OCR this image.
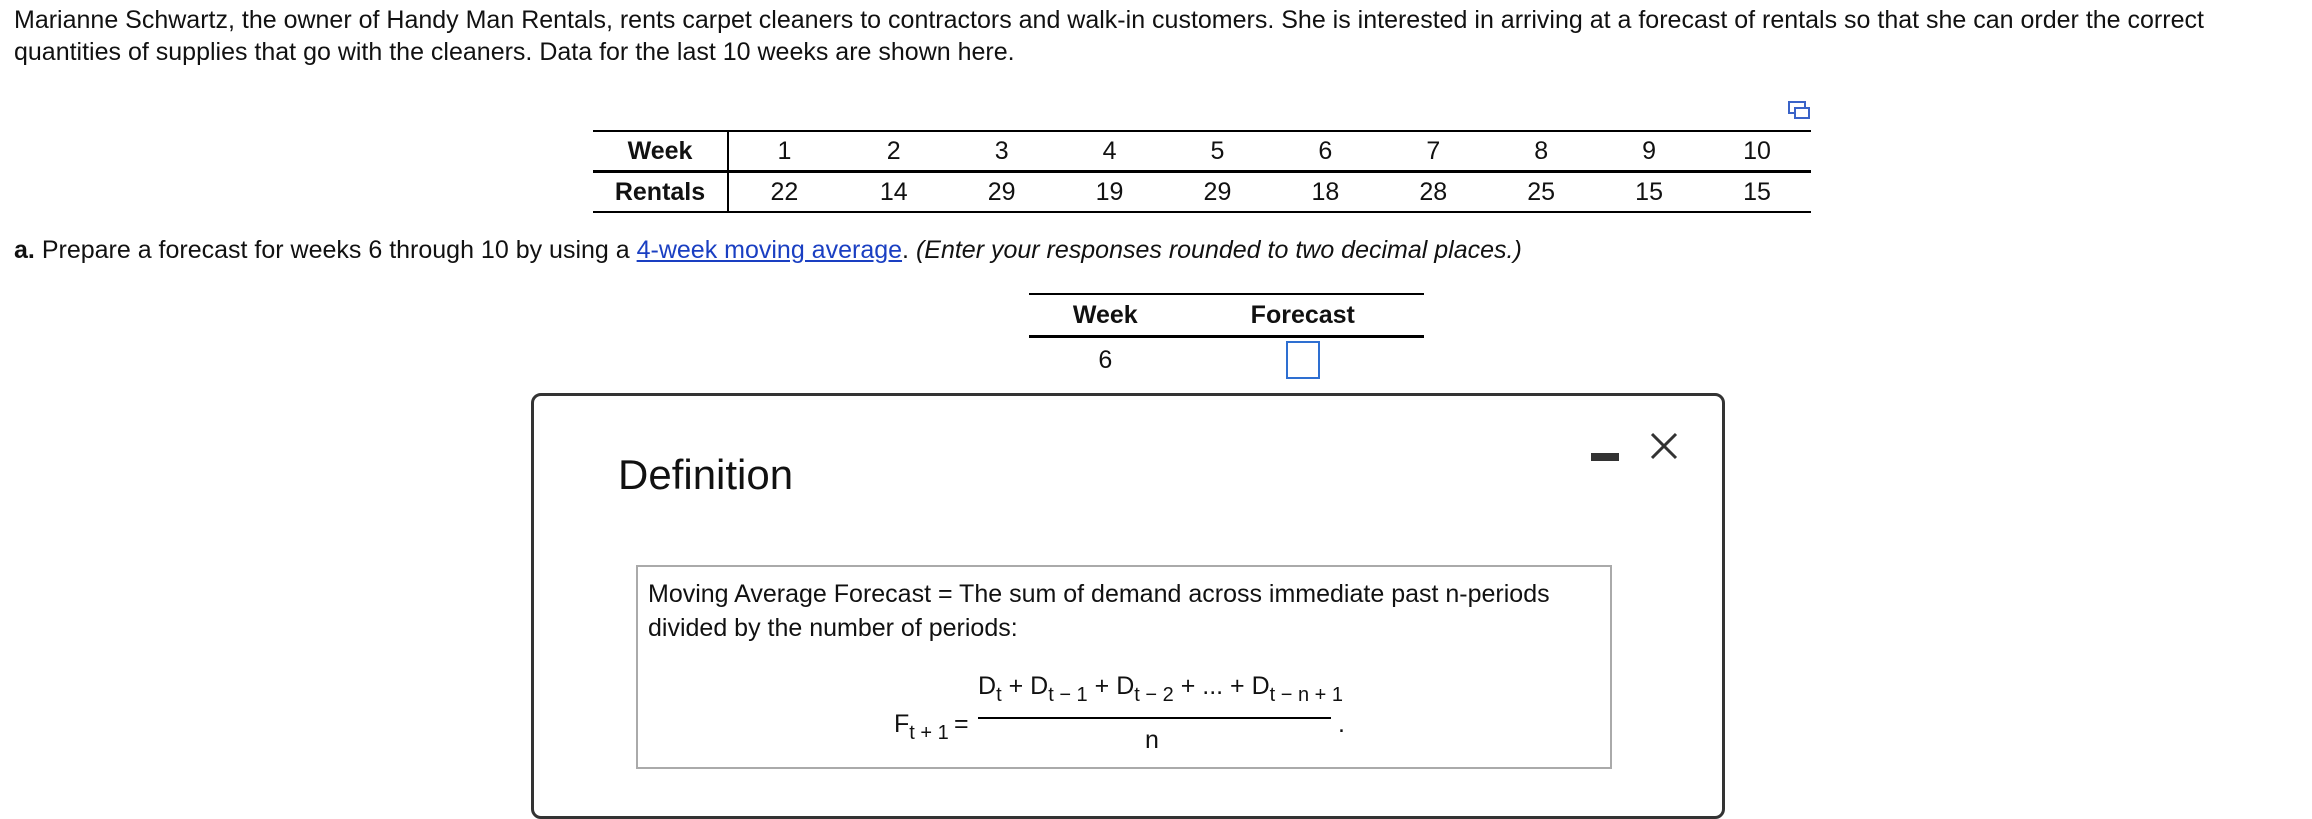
Marianne Schwartz, the owner of Handy Man Rentals, rents carpet cleaners to contractors and walk-in customers. She is interested in arriving at a forecast of rentals so that she can order the correct quantities of supplies that go with the cleaners. Data for the last 10 weeks are shown here.

Week	1	2	3	4	5	6	7	8	9	10
Rentals	22	14	29	19	29	18	28	25	15	15

a. Prepare a forecast for weeks 6 through 10 by using a 4-week moving average. (Enter your responses rounded to two decimal places.)

Week	Forecast
6	
Definition

Moving Average Forecast = The sum of demand across immediate past n-periods divided by the number of periods:

$F_{t + 1}$ =
$D_t + D_{t - 1} + D_{t - 2}$ + ... + $D_{t - n + 1}$
n
.
